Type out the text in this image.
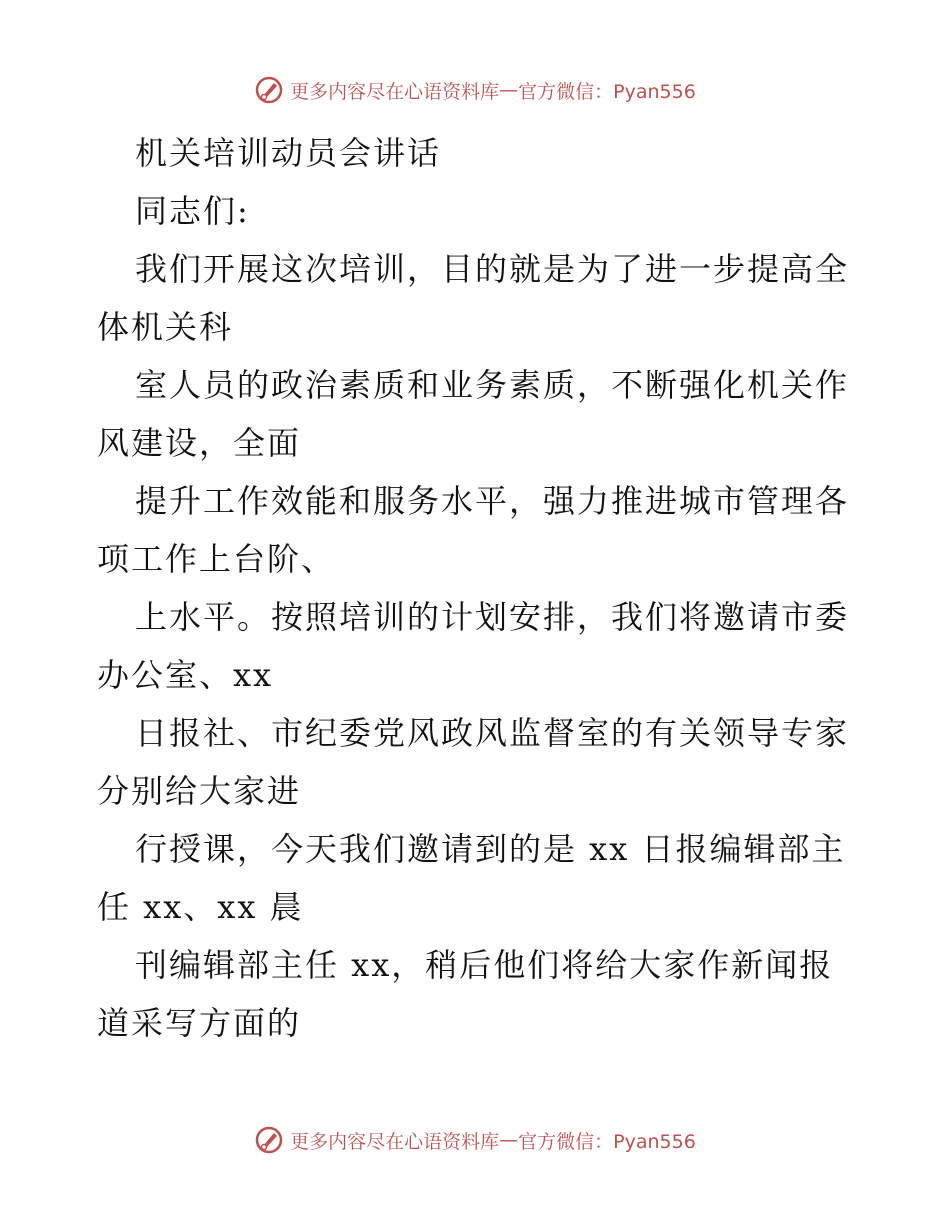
更多内容尽在心语资料库 — 官方微信：Pyan556
机关培训动员会讲话
同志们:
我们开展这次培训，目的就是为了进一步提高全
体机关科
室人员的政治素质和业务素质，不断强化机关作
风建设，全面
提升工作效能和服务水平，强力推进城市管理各
项工作上台阶、
上水平。按照培训的计划安排，我们将邀请市委
办公室、xx
日报社、市纪委党风政风监督室的有关领导专家
分别给大家进
行授课，今天我们邀请到的是 xx 日报编辑部主
任 xx、xx 晨
刊编辑部主任 xx，稍后他们将给大家作新闻报
道采写方面的
更多内容尽在心语资料库 — 官方微信：Pyan556
